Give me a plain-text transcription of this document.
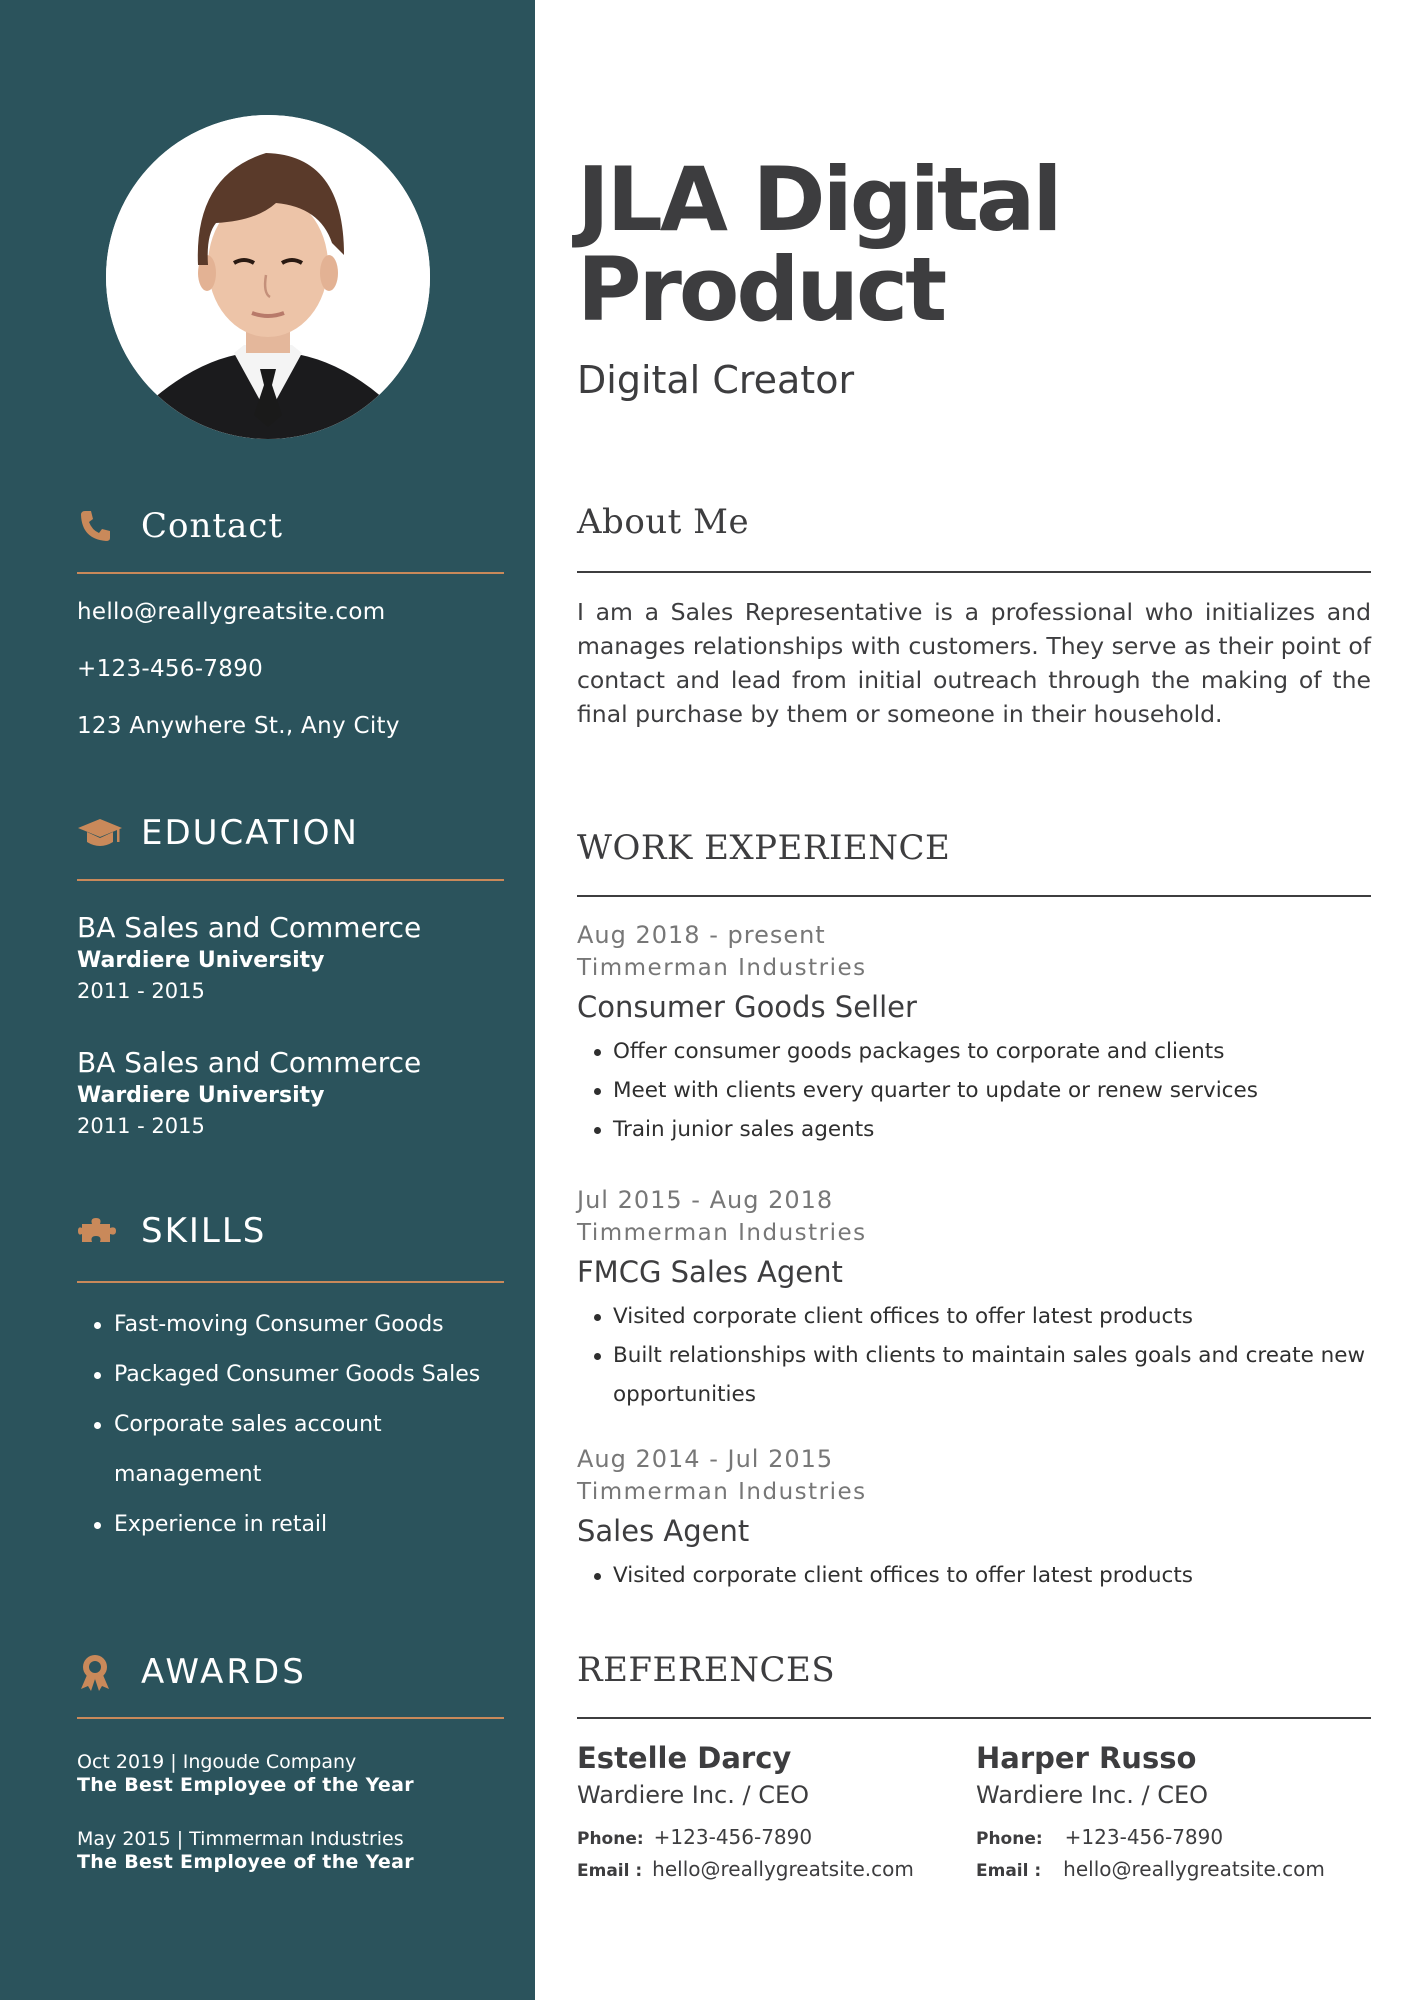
Contact
hello@reallygreatsite.com
+123-456-7890
123 Anywhere St., Any City
EDUCATION
BA Sales and Commerce
Wardiere University
2011 - 2015
BA Sales and Commerce
Wardiere University
2011 - 2015
SKILLS
Fast-moving Consumer Goods
Packaged Consumer Goods Sales
Corporate sales account management
Experience in retail
AWARDS
Oct 2019 | Ingoude Company
The Best Employee of the Year
May 2015 | Timmerman Industries
The Best Employee of the Year
JLA Digital
Product
Digital Creator
About Me
I am a Sales Representative is a professional who initializes and manages relationships with customers. They serve as their point of contact and lead from initial outreach through the making of the final purchase by them or someone in their household.
WORK EXPERIENCE
Aug 2018 - present
Timmerman Industries
Consumer Goods Seller
Offer consumer goods packages to corporate and clients
Meet with clients every quarter to update or renew services
Train junior sales agents
Jul 2015 - Aug 2018
Timmerman Industries
FMCG Sales Agent
Visited corporate client offices to offer latest products
Built relationships with clients to maintain sales goals and create new opportunities
Aug 2014 - Jul 2015
Timmerman Industries
Sales Agent
Visited corporate client offices to offer latest products
REFERENCES
Estelle Darcy
Wardiere Inc. / CEO
Phone: +123-456-7890
Email : hello@reallygreatsite.com
Harper Russo
Wardiere Inc. / CEO
Phone: +123-456-7890
Email : hello@reallygreatsite.com
